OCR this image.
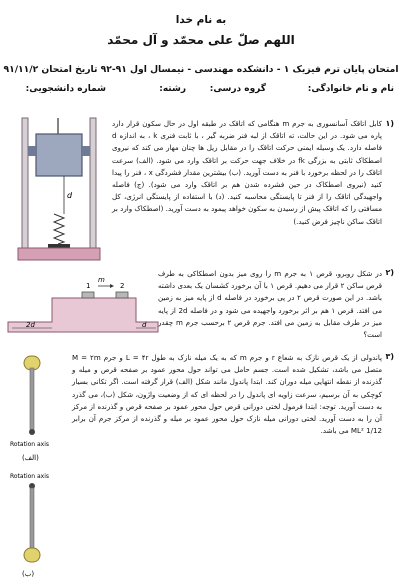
به نام خدا
اللهم صلّ علی محمّد و آل محمّد
امتحان پایان ترم فیزیک ۱ - دانشکده مهندسی - نیمسال اول ۹۱-۹۲ تاریخ امتحان ۹۱/۱۱/۲
نام و نام خانوادگی:
گروه درسی:
رشته:
شماره دانشجویی:
۱)
کابل اتاقک آسانسوری به جرم m هنگامی که اتاقک در طبقه اول در حال سکون قرار دارد پاره می شود. در این حالت، ته اتاقک از لبه فنر ضربه گیر ، با ثابت فنری k ، به اندازه d فاصله دارد. یک وسیله ایمنی حرکت اتاقک را در مقابل ریل ها چنان مهار می کند که نیروی اصطکاک ثابتی به بزرگی fk در خلاف جهت حرکت بر اتاقک وارد می شود. (الف) سرعت اتاقک را در لحظه برخورد با فنر به دست آورید. (ب) بیشترین مقدار فشردگی x ، فنر را پیدا کنید (نیروی اصطکاک در حین فشرده شدن هم بر اتاقک وارد می شود). (ج) فاصله واجهیدگی اتاقک را از فنر تا پایستگی محاسبه کنید. (د) با استفاده از پایستگی انرژی، کل مسافتی را که اتاقک پیش از رسیدن به سکون خواهد پیمود به دست آورید. (اصطکاک وارد بر اتاقک ساکن ناچیز فرض کنید.)
d
۲)
در شکل روبرو، قرص ۱ به جرم m را روی میز بدون اصطکاکی به طرف قرص ساکن ۲ قرار می دهیم. قرص ۱ با آن برخورد کشسان یک بعدی داشته باشد. در این صورت قرص ۲ در پی برخورد در فاصله d از پایه میز به زمین می افتد. قرص ۱ هم بر اثر برخورد واجهیده می شود و در فاصله 2d از پایه میز در طرف مقابل به زمین می افتد. جرم قرص ۲ برحسب جرم m چقدر است؟
1	2
m
2d	d
۳)
پاندولی از یک قرص نازک به شعاع r و جرم m که به یک میله نازک به طول L = ۴r و جرم M = ۲m متصل می باشد، تشکیل شده است. جسم حامل می تواند حول محور عمود بر صفحه قرص و میله و گذرنده از نقطه انتهایی میله دوران کند. ابتدا پاندول مانند شکل (الف) قرار گرفته است. اگر تکانی بسیار کوچکی به آن برسیم، سرعت زاویه ای پاندول را در لحظه ای که از وضعیت واژون، شکل (ب)، می گذرد به دست آورید. توجه: ابتدا فرمول لختی دورانی قرص حول محور عمود بر صفحه قرص و گذرنده از مرکز آن را به دست آورید. لختی دورانی میله نازک حول محور عمود بر میله و گذرنده از مرکز جرم آن برابر 1/12 ML² می باشد.
Rotation axis
(الف)
Rotation axis
(ب)
